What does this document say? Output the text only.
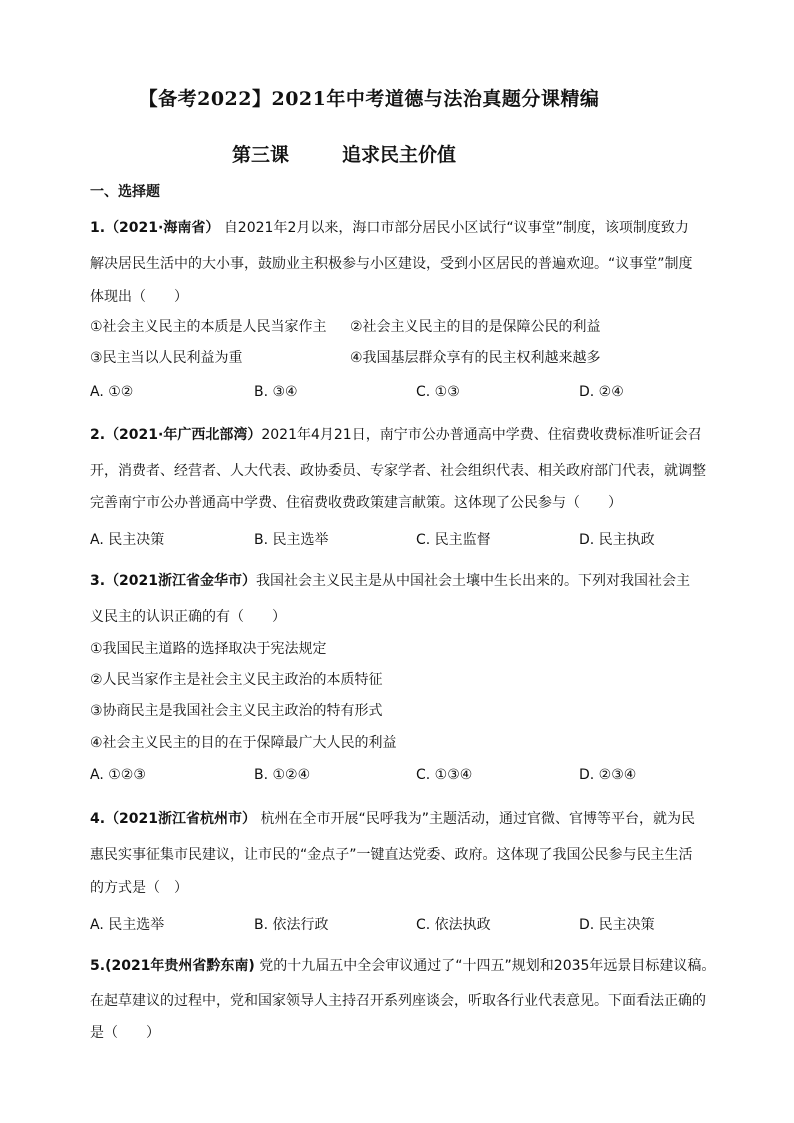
【备考2022】2021年中考道德与法治真题分课精编
第三课	追求民主价值
一、选择题
1.（2021·海南省） 自2021年2月以来，海口市部分居民小区试行“议事堂”制度，该项制度致力
解决居民生活中的大小事，鼓励业主积极参与小区建设，受到小区居民的普遍欢迎。“议事堂”制度
体现出（　　）
①社会主义民主的本质是人民当家作主 ②社会主义民主的目的是保障公民的利益
③民主当以人民利益为重	④我国基层群众享有的民主权利越来越多
A. ①②	B. ③④	C. ①③	D. ②④
2.（2021·年广西北部湾）2021年4月21日，南宁市公办普通高中学费、住宿费收费标准听证会召
开，消费者、经营者、人大代表、政协委员、专家学者、社会组织代表、相关政府部门代表，就调整
完善南宁市公办普通高中学费、住宿费收费政策建言献策。这体现了公民参与（　　）
A. 民主决策	B. 民主选举	C. 民主监督	D. 民主执政
3.（2021浙江省金华市）我国社会主义民主是从中国社会土壤中生长出来的。下列对我国社会主
义民主的认识正确的有（　　）
①我国民主道路的选择取决于宪法规定
②人民当家作主是社会主义民主政治的本质特征
③协商民主是我国社会主义民主政治的特有形式
④社会主义民主的目的在于保障最广大人民的利益
A. ①②③	B. ①②④	C. ①③④	D. ②③④
4.（2021浙江省杭州市） 杭州在全市开展“民呼我为”主题活动，通过官微、官博等平台，就为民
惠民实事征集市民建议，让市民的“金点子”一键直达党委、政府。这体现了我国公民参与民主生活
的方式是（　）
A. 民主选举	B. 依法行政	C. 依法执政	D. 民主决策
5.(2021年贵州省黔东南) 党的十九届五中全会审议通过了“十四五”规划和2035年远景目标建议稿。
在起草建议的过程中，党和国家领导人主持召开系列座谈会，听取各行业代表意见。下面看法正确的
是（　　）
